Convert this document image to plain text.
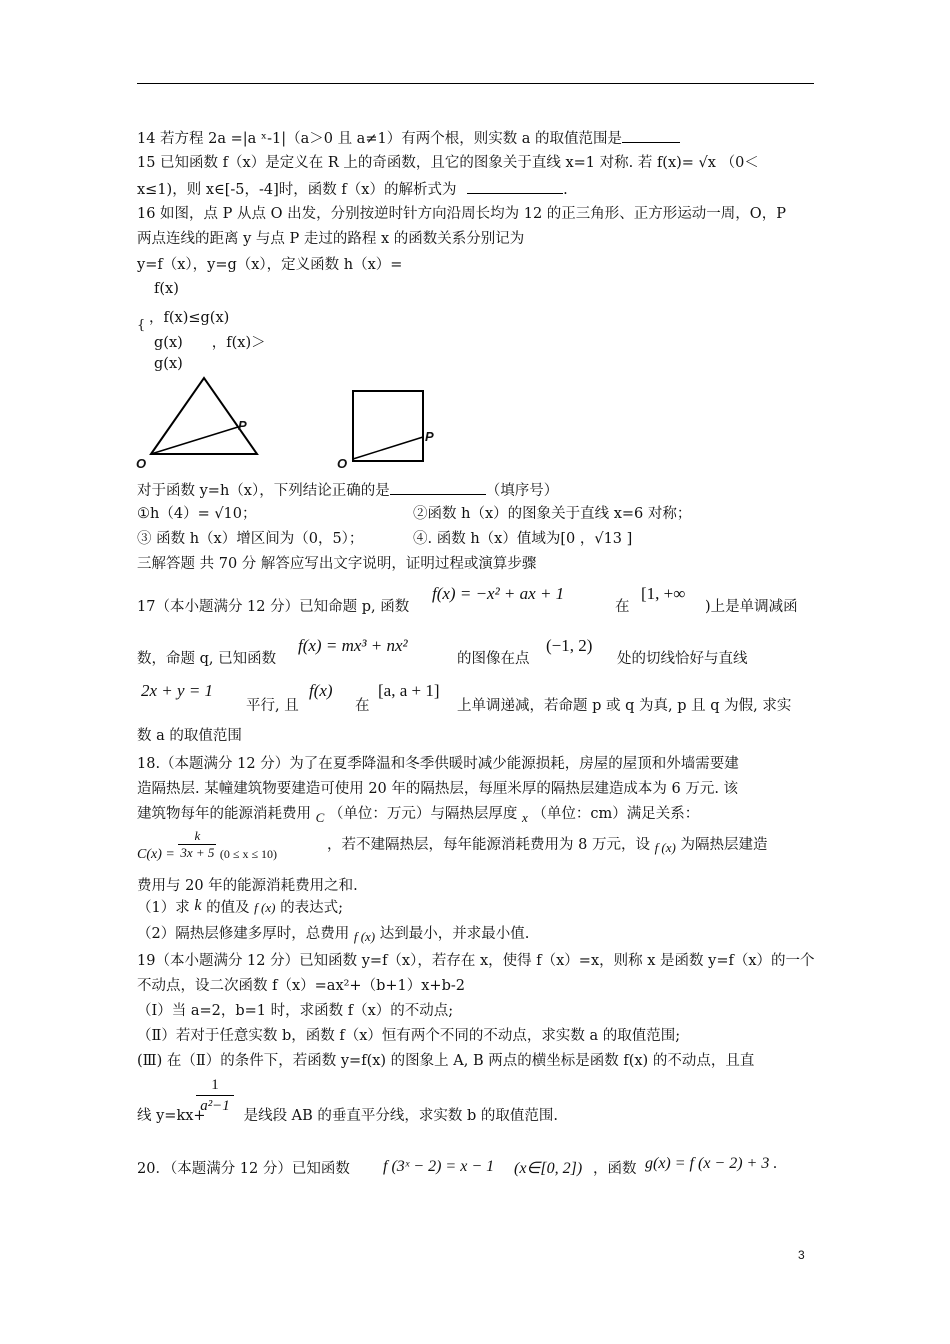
14 若方程 2a =|a ˣ-1|（a＞0 且 a≠1）有两个根，则实数 a 的取值范围是
15 已知函数 f（x）是定义在 R 上的奇函数，且它的图象关于直线 x=1 对称. 若 f(x)= √x （0＜
x≤1)，则 x∈[-5，-4]时，函数 f（x）的解析式为	.
16 如图，点 P 从点 O 出发，分别按逆时针方向沿周长均为 12 的正三角形、正方形运动一周，O，P
两点连线的距离 y 与点 P 走过的路程 x 的函数关系分别记为
y=f（x），y=g（x），定义函数 h（x）=
f(x)
，f(x)≤g(x)
{
g(x)　　，f(x)＞
g(x)
O
P
O
P
对于函数 y=h（x），下列结论正确的是	（填序号）
①h（4）= √10；	②函数 h（x）的图象关于直线 x=6 对称；
③ 函数 h（x）增区间为（0，5）；	④. 函数 h（x）值域为[0 ，√13 ]
三解答题 共 70 分 解答应写出文字说明，证明过程或演算步骤
17（本小题满分 12 分）已知命题 p, 函数
f(x) = −x² + ax + 1
在
[1, +∞
)上是单调减函
数，命题 q, 已知函数
f(x) = mx³ + nx²
的图像在点
(−1, 2)
处的切线恰好与直线
2x + y = 1
平行, 且
f(x)
在
[a, a + 1]
上单调递减，若命题 p 或 q 为真, p 且 q 为假, 求实
数 a 的取值范围
18.（本题满分 12 分）为了在夏季降温和冬季供暖时减少能源损耗，房屋的屋顶和外墙需要建
造隔热层. 某幢建筑物要建造可使用 20 年的隔热层，每厘米厚的隔热层建造成本为 6 万元. 该
建筑物每年的能源消耗费用 C （单位：万元）与隔热层厚度 x （单位：cm）满足关系：
$C(x) = \frac{k}{3x + 5} (0 \le x \le 10)$
，若不建隔热层，每年能源消耗费用为 8 万元，设 f (x) 为隔热层建造
费用与 20 年的能源消耗费用之和.
（1）求 k 的值及 f (x) 的表达式;
（2）隔热层修建多厚时，总费用 f (x) 达到最小，并求最小值.
19（本小题满分 12 分）已知函数 y=f（x），若存在 x，使得 f（x）=x，则称 x 是函数 y=f（x）的一个
不动点，设二次函数 f（x）=ax²+（b+1）x+b-2
（Ⅰ）当 a=2，b=1 时，求函数 f（x）的不动点;
（Ⅱ）若对于任意实数 b，函数 f（x）恒有两个不同的不动点，求实数 a 的取值范围;
(Ⅲ) 在（Ⅱ）的条件下，若函数 y=f(x) 的图象上 A, B 两点的横坐标是函数 f(x) 的不动点，且直
1
a²−1
线 y=kx+	是线段 AB 的垂直平分线，求实数 b 的取值范围.
20．（本题满分 12 分）已知函数 f (3ˣ − 2) = x − 1 (x∈[0, 2]) ，函数 g(x) = f (x − 2) + 3 .
3
